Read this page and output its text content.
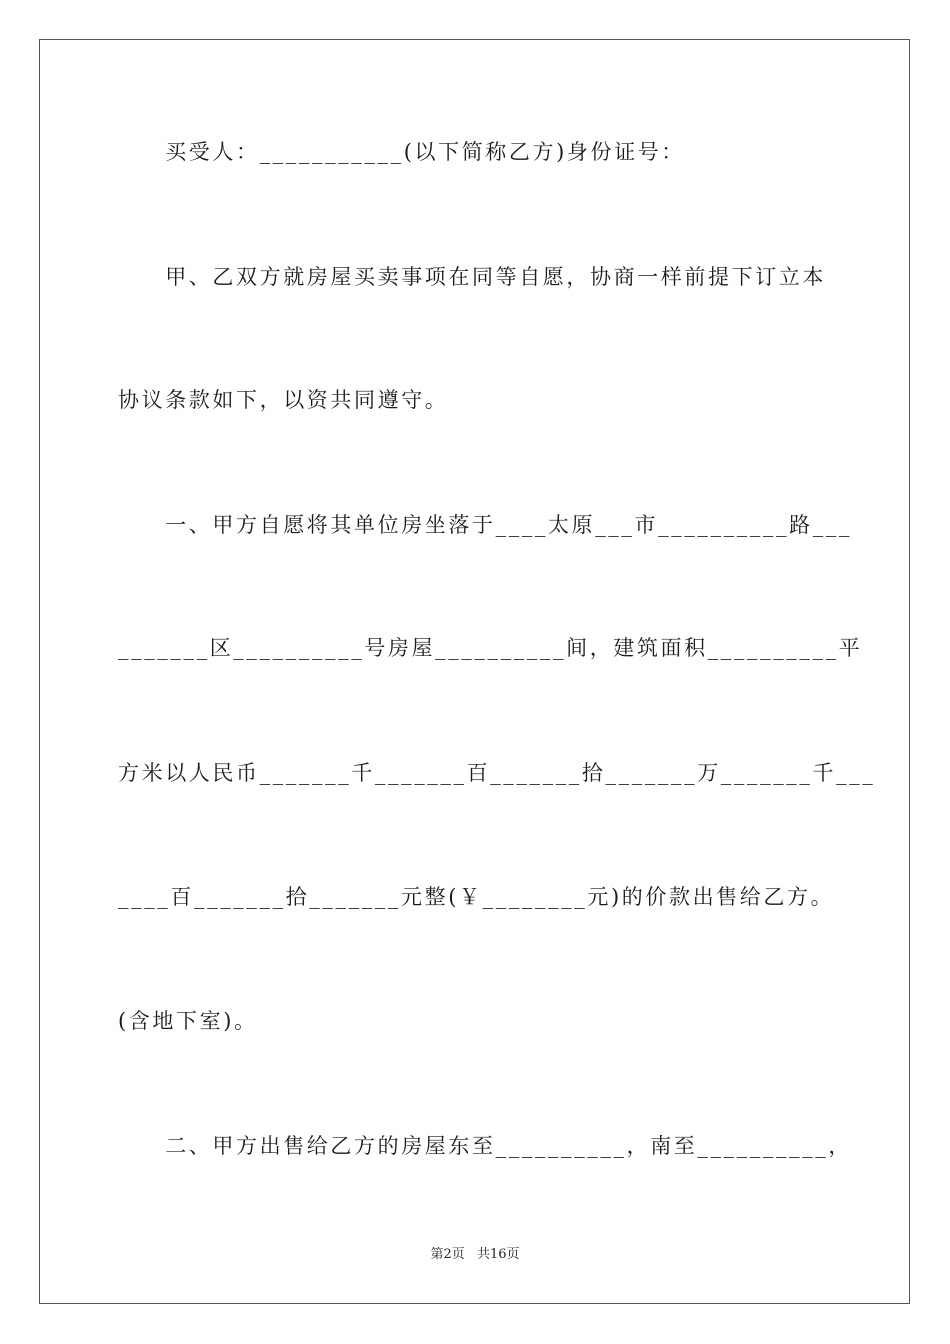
　　买受人：___________(以下简称乙方)身份证号：
　　甲、乙双方就房屋买卖事项在同等自愿，协商一样前提下订立本
协议条款如下，以资共同遵守。
　　一、甲方自愿将其单位房坐落于____太原___市__________路___
_______区__________号房屋__________间，建筑面积__________平
方米以人民币_______千_______百_______拾_______万_______千___
____百_______拾_______元整(￥________元)的价款出售给乙方。
(含地下室)。
　　二、甲方出售给乙方的房屋东至__________，南至__________，
第2页 共16页
